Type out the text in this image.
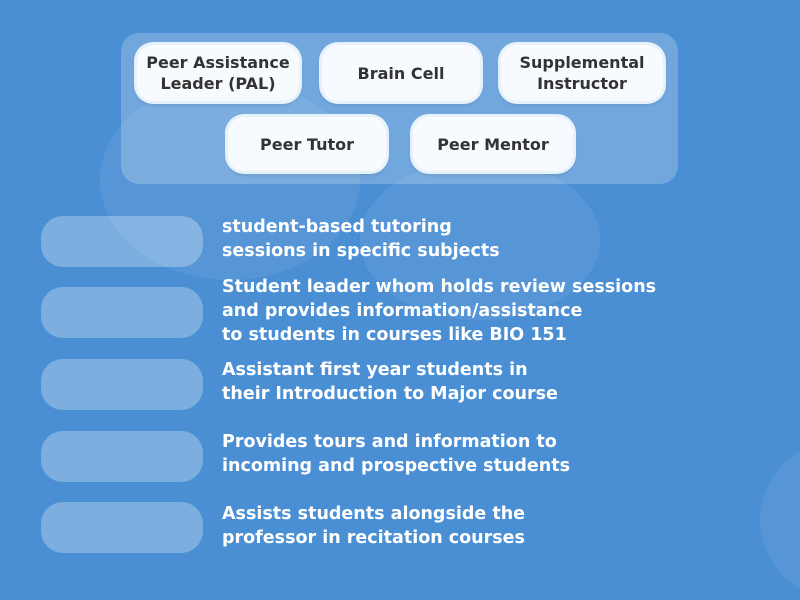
Peer Assistance
Leader (PAL)
Brain Cell
Supplemental
Instructor
Peer Tutor	Peer Mentor
student-based tutoring
sessions in specific subjects
Student leader whom holds review sessions
and provides information/assistance
to students in courses like BIO 151
Assistant first year students in
their Introduction to Major course
Provides tours and information to
incoming and prospective students
Assists students alongside the
professor in recitation courses
